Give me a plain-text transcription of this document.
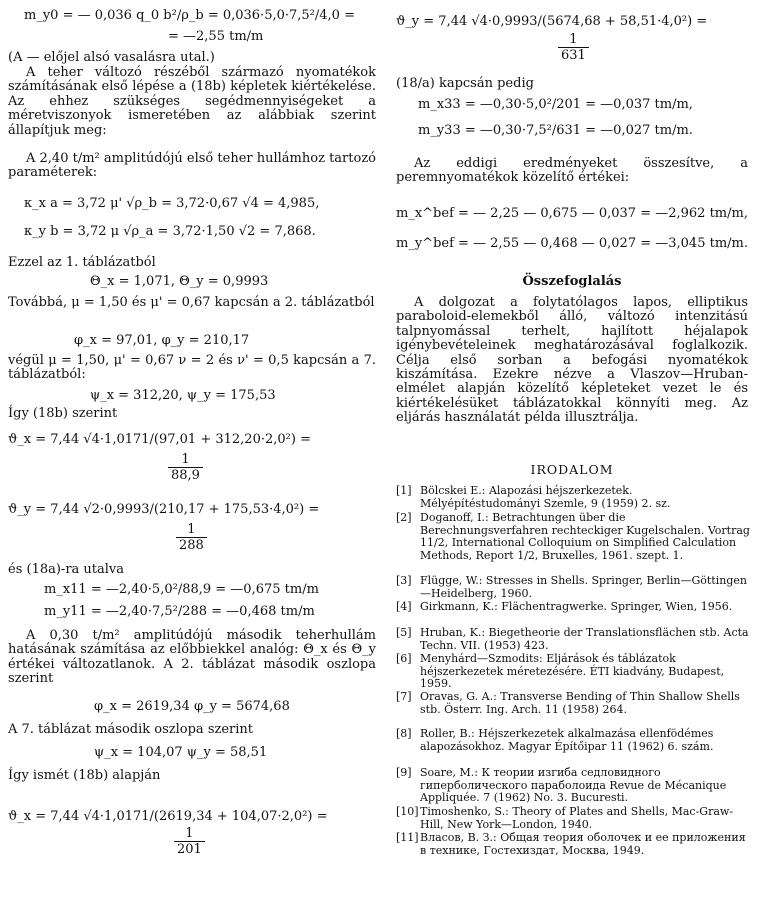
m_y0 = — 0,036 q_0 b²/ρ_b = 0,036·5,0·7,5²/4,0 =
= —2,55 tm/m
(A — előjel alsó vasalásra utal.)
A teher változó részéből származó nyomatékok számításának első lépése a (18b) képletek kiértékelése. Az ehhez szükséges segédmennyiségeket a méretviszonyok ismeretében az alábbiak szerint állapítjuk meg:
A 2,40 t/m² amplitúdójú első teher hullámhoz tartozó paraméterek:
κ_x a = 3,72 μ' √ρ_b = 3,72·0,67 √4 = 4,985,
κ_y b = 3,72 μ √ρ_a = 3,72·1,50 √2 = 7,868.
Ezzel az 1. táblázatból
Θ_x = 1,071, Θ_y = 0,9993
Továbbá, μ = 1,50 és μ' = 0,67 kapcsán a 2. táblázatból
φ_x = 97,01, φ_y = 210,17
végül μ = 1,50, μ' = 0,67 ν = 2 és ν' = 0,5 kapcsán a 7. táblázatból:
ψ_x = 312,20, ψ_y = 175,53
Így (18b) szerint
ϑ_x = 7,44 √4·1,0171/(97,01 + 312,20·2,0²) =
$\frac{1}{88,9}$
ϑ_y = 7,44 √2·0,9993/(210,17 + 175,53·4,0²) =
$\frac{1}{288}$
és (18a)-ra utalva
m_x11 = —2,40·5,0²/88,9 = —0,675 tm/m
m_y11 = —2,40·7,5²/288 = —0,468 tm/m
A 0,30 t/m² amplitúdójú második teherhullám hatásának számítása az előbbiekkel analóg: Θ_x és Θ_y értékei változatlanok. A 2. táblázat második oszlopa szerint
φ_x = 2619,34 φ_y = 5674,68
A 7. táblázat második oszlopa szerint
ψ_x = 104,07 ψ_y = 58,51
Így ismét (18b) alapján
ϑ_x = 7,44 √4·1,0171/(2619,34 + 104,07·2,0²) =
$\frac{1}{201}$
ϑ_y = 7,44 √4·0,9993/(5674,68 + 58,51·4,0²) =
$\frac{1}{631}$
(18/a) kapcsán pedig
m_x33 = —0,30·5,0²/201 = —0,037 tm/m,
m_y33 = —0,30·7,5²/631 = —0,027 tm/m.
Az eddigi eredményeket összesítve, a peremnyomatékok közelítő értékei:
m_x^bef = — 2,25 — 0,675 — 0,037 = —2,962 tm/m,
m_y^bef = — 2,55 — 0,468 — 0,027 = —3,045 tm/m.
Összefoglalás
A dolgozat a folytatólagos lapos, elliptikus paraboloid-elemekből álló, változó intenzitású talpnyomással terhelt, hajlított héjalapok igénybevételeinek meghatározásával foglalkozik. Célja első sorban a befogási nyomatékok kiszámítása. Ezekre nézve a Vlaszov—Hruban-elmélet alapján közelítő képleteket vezet le és kiértékelésüket táblázatokkal könnyíti meg. Az eljárás használatát példa illusztrálja.
IRODALOM
[1] Bölcskei E.: Alapozási héjszerkezetek. Mélyépítéstudományi Szemle, 9 (1959) 2. sz.
[2] Doganoff, I.: Betrachtungen über die Berechnungsverfahren rechteckiger Kugelschalen. Vortrag 11/2, International Colloquium on Simplified Calculation Methods, Report 1/2, Bruxelles, 1961. szept. 1.
[3] Flügge, W.: Stresses in Shells. Springer, Berlin—Göttingen—Heidelberg, 1960.
[4] Girkmann, K.: Flächentragwerke. Springer, Wien, 1956.
[5] Hruban, K.: Biegetheorie der Translationsflächen stb. Acta Techn. VII. (1953) 423.
[6] Menyhárd—Szmodits: Eljárások és táblázatok héjszerkezetek méretezésére. ÉTI kiadvány, Budapest, 1959.
[7] Oravas, G. A.: Transverse Bending of Thin Shallow Shells stb. Österr. Ing. Arch. 11 (1958) 264.
[8] Roller, B.: Héjszerkezetek alkalmazása ellenfödémes alapozásokhoz. Magyar Építőipar 11 (1962) 6. szám.
[9] Soare, M.: К теории изгиба седловидного гиперболического параболоида Revue de Mécanique Appliquée. 7 (1962) No. 3. Bucuresti.
[10] Timoshenko, S.: Theory of Plates and Shells, Mac-Graw-Hill, New York—London, 1940.
[11] Власов, В. З.: Общая теория оболочек и ее приложения в технике, Гостехиздат, Москва, 1949.
